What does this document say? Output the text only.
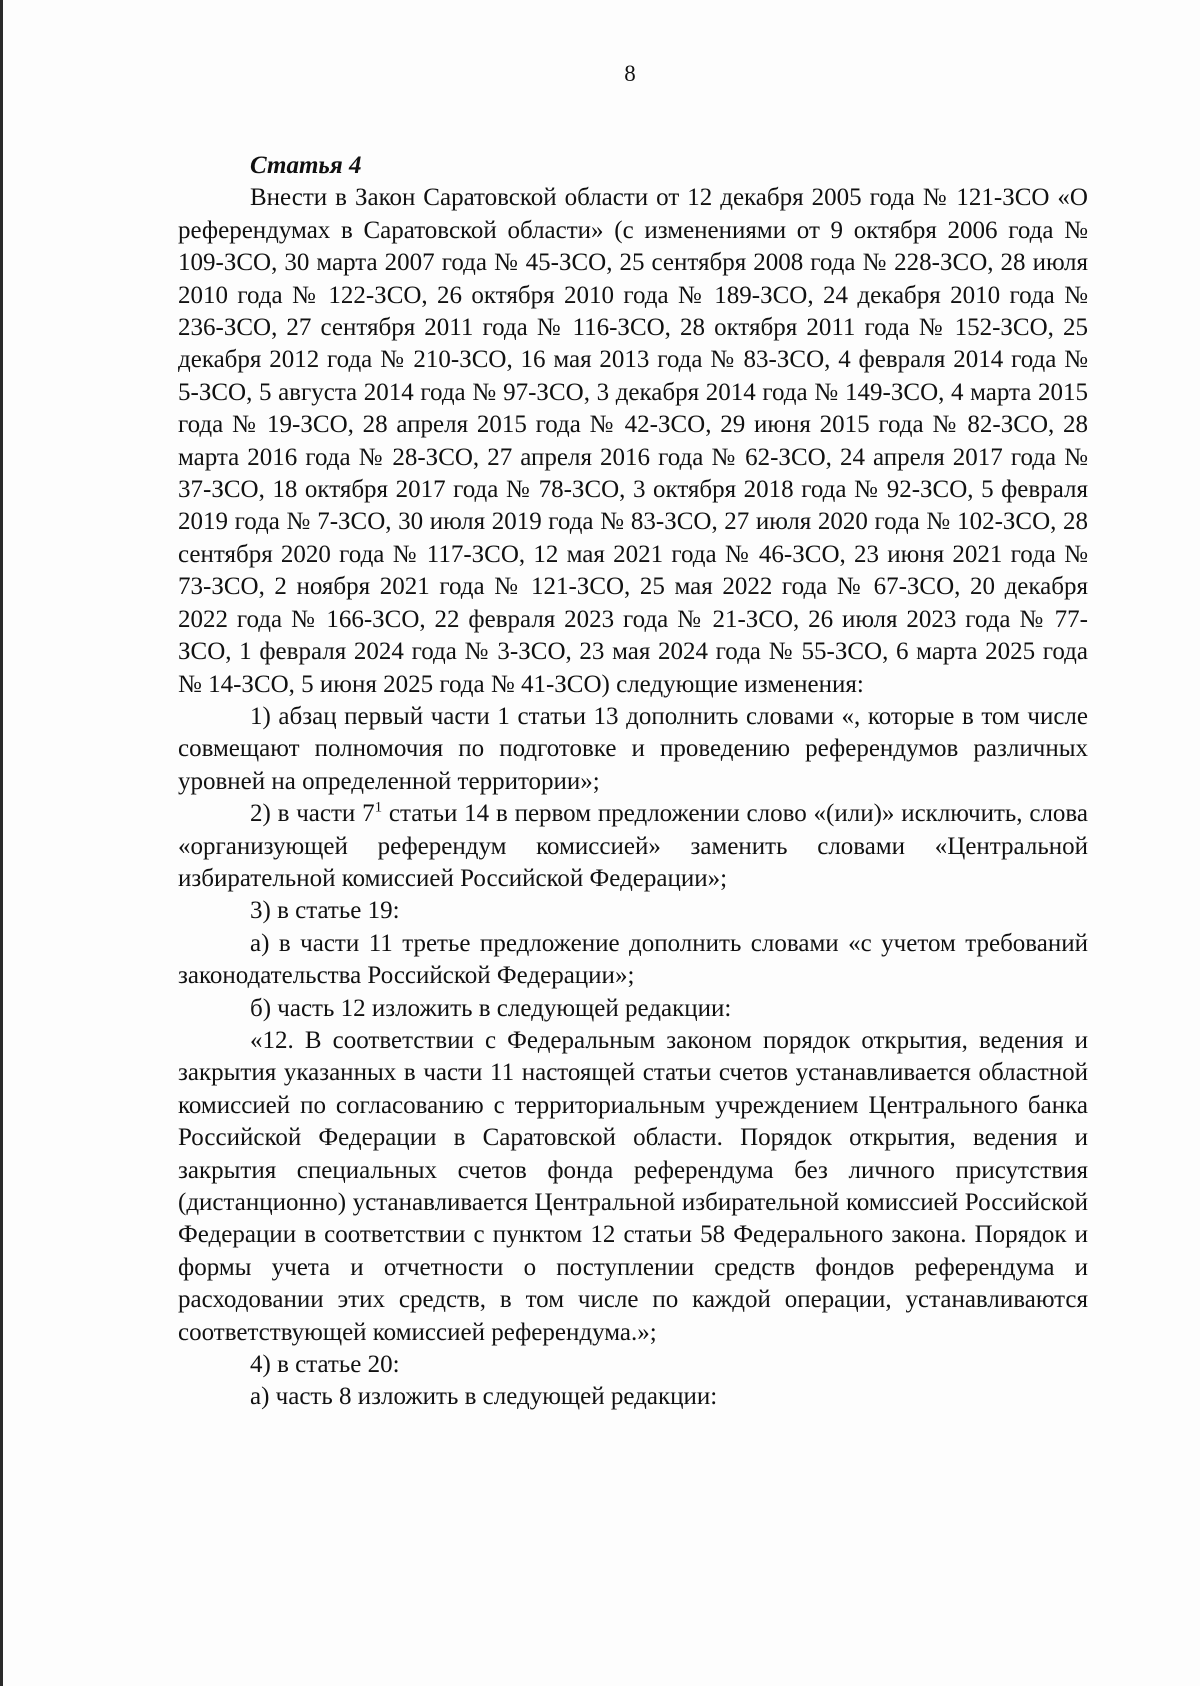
8

Статья 4

Внести в Закон Саратовской области от 12 декабря 2005 года № 121-ЗСО «О референдумах в Саратовской области» (с изменениями от 9 октября 2006 года № 109-ЗСО, 30 марта 2007 года № 45-ЗСО, 25 сентября 2008 года № 228-ЗСО, 28 июля 2010 года № 122-ЗСО, 26 октября 2010 года № 189-ЗСО, 24 декабря 2010 года № 236-ЗСО, 27 сентября 2011 года № 116-ЗСО, 28 октября 2011 года № 152-ЗСО, 25 декабря 2012 года № 210-ЗСО, 16 мая 2013 года № 83-ЗСО, 4 февраля 2014 года № 5-ЗСО, 5 августа 2014 года № 97-ЗСО, 3 декабря 2014 года № 149-ЗСО, 4 марта 2015 года № 19-ЗСО, 28 апреля 2015 года № 42-ЗСО, 29 июня 2015 года № 82-ЗСО, 28 марта 2016 года № 28-ЗСО, 27 апреля 2016 года № 62-ЗСО, 24 апреля 2017 года № 37-ЗСО, 18 октября 2017 года № 78-ЗСО, 3 октября 2018 года № 92-ЗСО, 5 февраля 2019 года № 7-ЗСО, 30 июля 2019 года № 83-ЗСО, 27 июля 2020 года № 102-ЗСО, 28 сентября 2020 года № 117-ЗСО, 12 мая 2021 года № 46-ЗСО, 23 июня 2021 года № 73-ЗСО, 2 ноября 2021 года № 121-ЗСО, 25 мая 2022 года № 67-ЗСО, 20 декабря 2022 года № 166-ЗСО, 22 февраля 2023 года № 21-ЗСО, 26 июля 2023 года № 77-ЗСО, 1 февраля 2024 года № 3-ЗСО, 23 мая 2024 года № 55-ЗСО, 6 марта 2025 года № 14-ЗСО, 5 июня 2025 года № 41-ЗСО) следующие изменения:

1) абзац первый части 1 статьи 13 дополнить словами «, которые в том числе совмещают полномочия по подготовке и проведению референдумов различных уровней на определенной территории»;

2) в части $7^1$ статьи 14 в первом предложении слово «(или)» исключить, слова «организующей референдум комиссией» заменить словами «Центральной избирательной комиссией Российской Федерации»;

3) в статье 19:

а) в части 11 третье предложение дополнить словами «с учетом требований законодательства Российской Федерации»;

б) часть 12 изложить в следующей редакции:

«12. В соответствии с Федеральным законом порядок открытия, ведения и закрытия указанных в части 11 настоящей статьи счетов устанавливается областной комиссией по согласованию с территориальным учреждением Центрального банка Российской Федерации в Саратовской области. Порядок открытия, ведения и закрытия специальных счетов фонда референдума без личного присутствия (дистанционно) устанавливается Центральной избирательной комиссией Российской Федерации в соответствии с пунктом 12 статьи 58 Федерального закона. Порядок и формы учета и отчетности о поступлении средств фондов референдума и расходовании этих средств, в том числе по каждой операции, устанавливаются соответствующей комиссией референдума.»;

4) в статье 20:

а) часть 8 изложить в следующей редакции:
